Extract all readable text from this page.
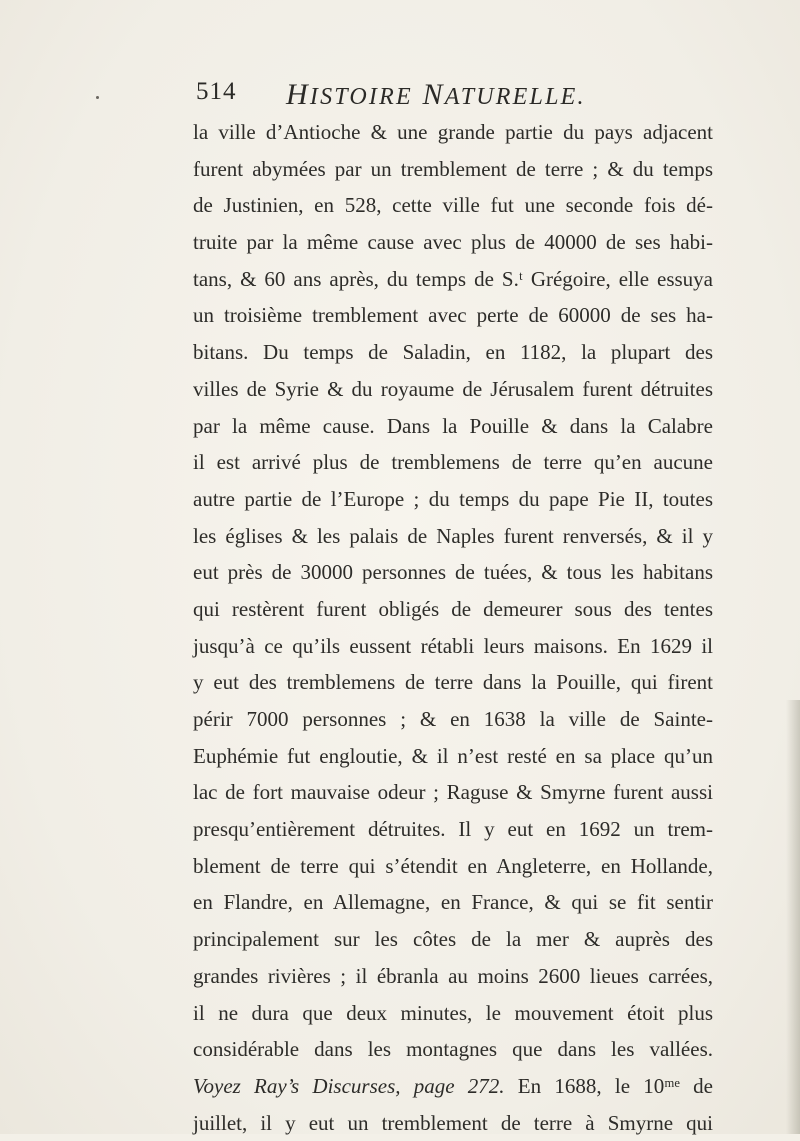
514 HISTOIRE NATURELLE.
la ville d’Antioche & une grande partie du pays adjacent
furent abymées par un tremblement de terre ; & du temps
de Justinien, en 528, cette ville fut une seconde fois dé-
truite par la même cause avec plus de 40000 de ses habi-
tans, & 60 ans après, du temps de S.ᵗ Grégoire, elle essuya
un troisième tremblement avec perte de 60000 de ses ha-
bitans. Du temps de Saladin, en 1182, la plupart des
villes de Syrie & du royaume de Jérusalem furent détruites
par la même cause. Dans la Pouille & dans la Calabre
il est arrivé plus de tremblemens de terre qu’en aucune
autre partie de l’Europe ; du temps du pape Pie II, toutes
les églises & les palais de Naples furent renversés, & il y
eut près de 30000 personnes de tuées, & tous les habitans
qui restèrent furent obligés de demeurer sous des tentes
jusqu’à ce qu’ils eussent rétabli leurs maisons. En 1629 il
y eut des tremblemens de terre dans la Pouille, qui firent
périr 7000 personnes ; & en 1638 la ville de Sainte-
Euphémie fut engloutie, & il n’est resté en sa place qu’un
lac de fort mauvaise odeur ; Raguse & Smyrne furent aussi
presqu’entièrement détruites. Il y eut en 1692 un trem-
blement de terre qui s’étendit en Angleterre, en Hollande,
en Flandre, en Allemagne, en France, & qui se fit sentir
principalement sur les côtes de la mer & auprès des
grandes rivières ; il ébranla au moins 2600 lieues carrées,
il ne dura que deux minutes, le mouvement étoit plus
considérable dans les montagnes que dans les vallées.
Voyez Ray’s Discurses, page 272. En 1688, le 10ᵐᵉ de
juillet, il y eut un tremblement de terre à Smyrne qui
